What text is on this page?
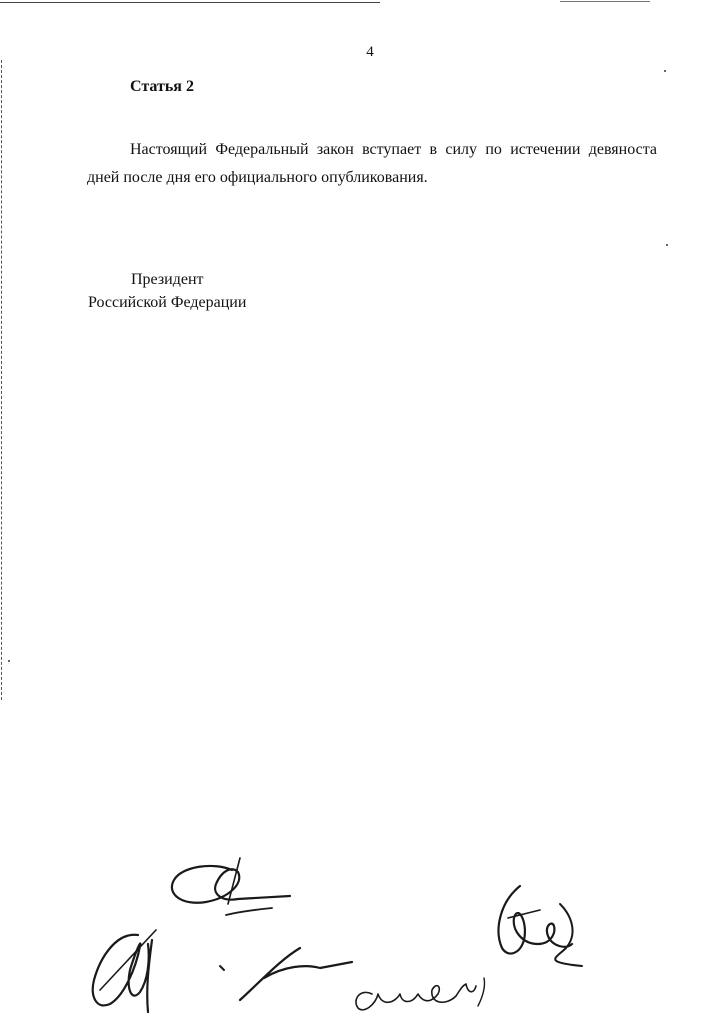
4
Статья 2

Настоящий Федеральный закон вступает в силу по истечении девяноста дней после дня его официального опубликования.

Президент
Российской Федерации
